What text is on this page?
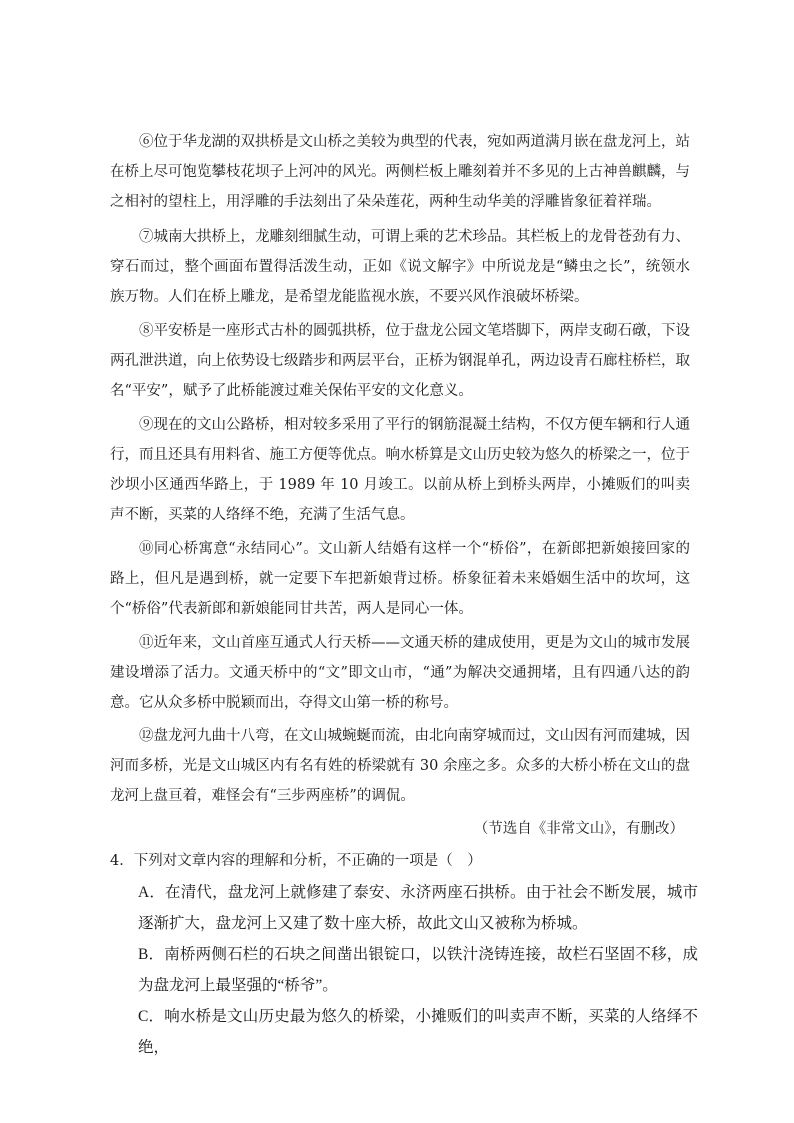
⑥位于华龙湖的双拱桥是文山桥之美较为典型的代表，宛如两道满月嵌在盘龙河上，站在桥上尽可饱览攀枝花坝子上河冲的风光。两侧栏板上雕刻着并不多见的上古神兽麒麟，与之相衬的望柱上，用浮雕的手法刻出了朵朵莲花，两种生动华美的浮雕皆象征着祥瑞。

⑦城南大拱桥上，龙雕刻细腻生动，可谓上乘的艺术珍品。其栏板上的龙骨苍劲有力、穿石而过，整个画面布置得活泼生动，正如《说文解字》中所说龙是“鳞虫之长”，统领水族万物。人们在桥上雕龙，是希望龙能监视水族，不要兴风作浪破坏桥梁。

⑧平安桥是一座形式古朴的圆弧拱桥，位于盘龙公园文笔塔脚下，两岸支砌石礅，下设两孔泄洪道，向上依势设七级踏步和两层平台，正桥为钢混单孔，两边设青石廊柱桥栏，取名“平安”，赋予了此桥能渡过难关保佑平安的文化意义。

⑨现在的文山公路桥，相对较多采用了平行的钢筋混凝土结构，不仅方便车辆和行人通行，而且还具有用料省、施工方便等优点。响水桥算是文山历史较为悠久的桥梁之一，位于沙坝小区通西华路上，于 1989 年 10 月竣工。以前从桥上到桥头两岸，小摊贩们的叫卖声不断，买菜的人络绎不绝，充满了生活气息。

⑩同心桥寓意“永结同心”。文山新人结婚有这样一个“桥俗”，在新郎把新娘接回家的路上，但凡是遇到桥，就一定要下车把新娘背过桥。桥象征着未来婚姻生活中的坎坷，这个“桥俗”代表新郎和新娘能同甘共苦，两人是同心一体。

⑪近年来，文山首座互通式人行天桥——文通天桥的建成使用，更是为文山的城市发展建设增添了活力。文通天桥中的“文”即文山市，“通”为解决交通拥堵，且有四通八达的韵意。它从众多桥中脱颖而出，夺得文山第一桥的称号。

⑫盘龙河九曲十八弯，在文山城蜿蜒而流，由北向南穿城而过，文山因有河而建城，因河而多桥，光是文山城区内有名有姓的桥梁就有 30 余座之多。众多的大桥小桥在文山的盘龙河上盘亘着，难怪会有“三步两座桥”的调侃。

（节选自《非常文山》，有删改）

4．下列对文章内容的理解和分析，不正确的一项是（　）

A．在清代，盘龙河上就修建了泰安、永济两座石拱桥。由于社会不断发展，城市逐渐扩大，盘龙河上又建了数十座大桥，故此文山又被称为桥城。

B．南桥两侧石栏的石块之间凿出银锭口，以铁汁浇铸连接，故栏石坚固不移，成为盘龙河上最坚强的“桥爷”。

C．响水桥是文山历史最为悠久的桥梁，小摊贩们的叫卖声不断，买菜的人络绎不绝，
